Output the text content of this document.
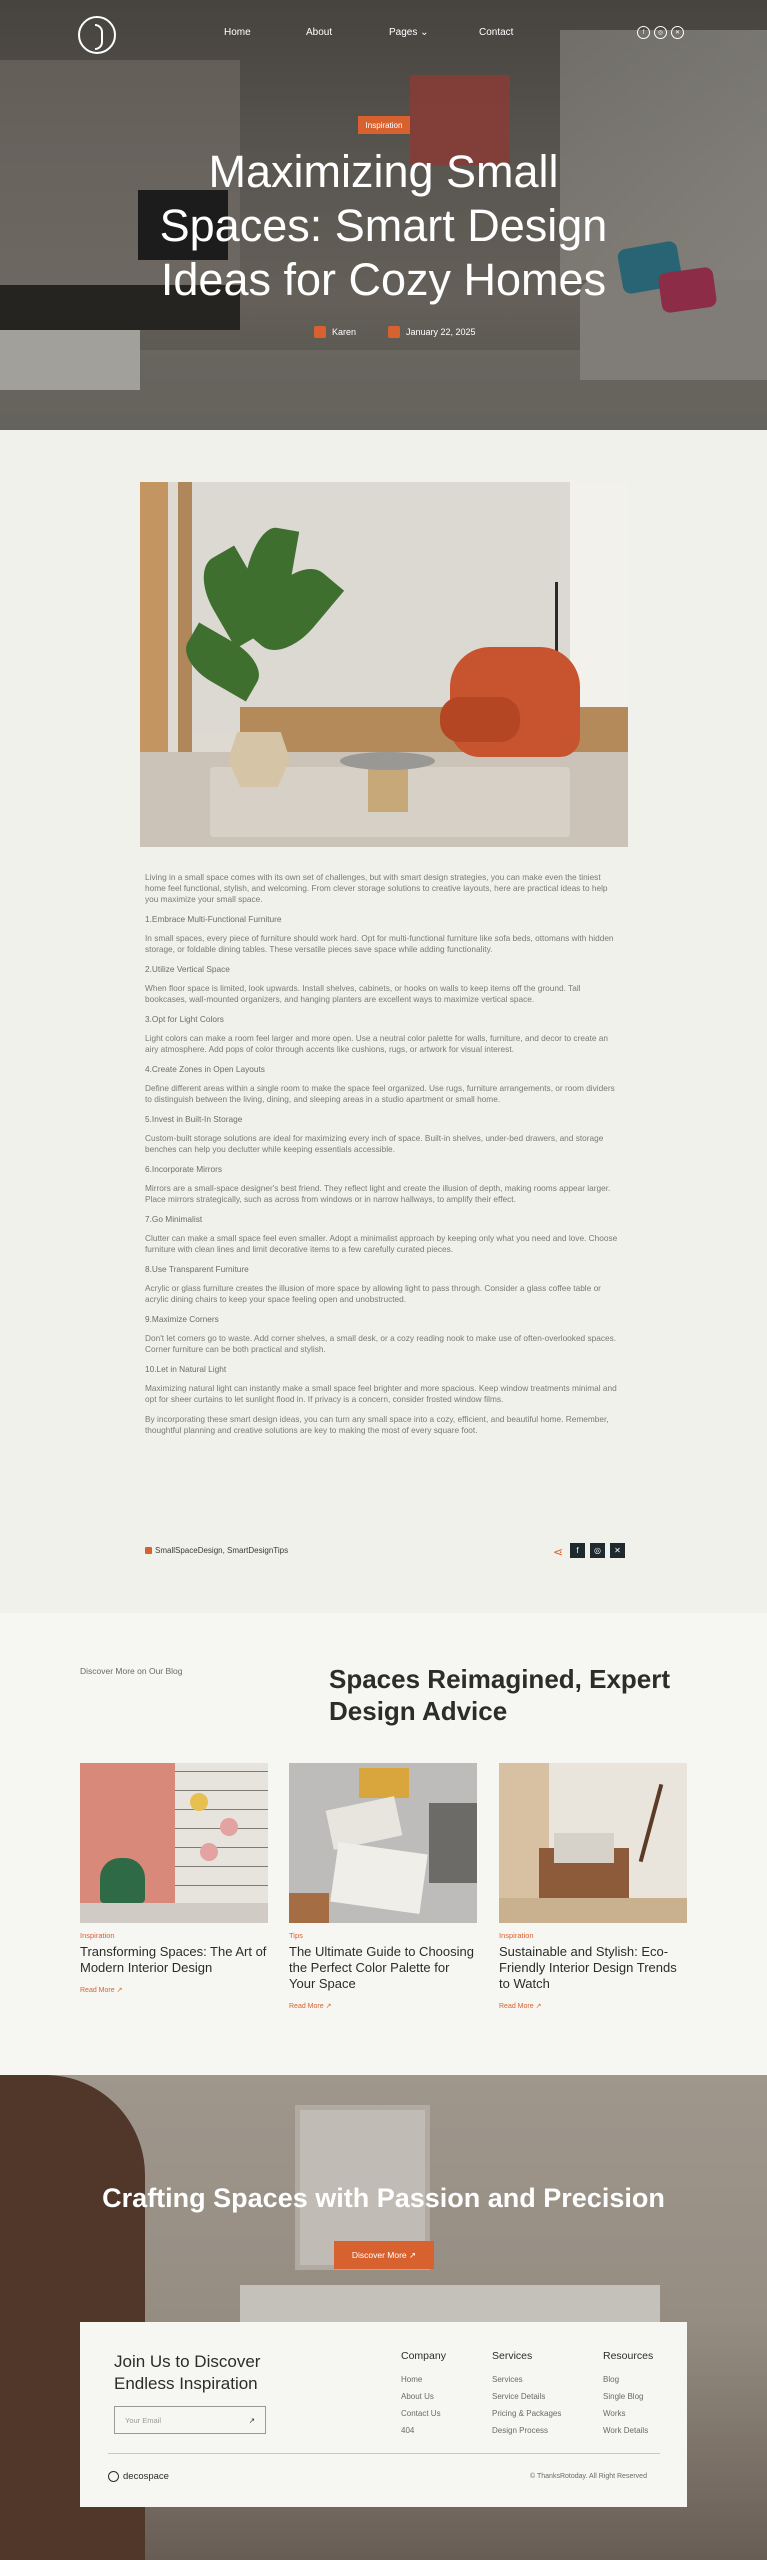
Home	About	Pages ⌄	Contact	f	◎	✕
Inspiration
Maximizing Small Spaces: Smart Design Ideas for Cozy Homes
Karen	January 22, 2025

Living in a small space comes with its own set of challenges, but with smart design strategies, you can make even the tiniest home feel functional, stylish, and welcoming. From clever storage solutions to creative layouts, here are practical ideas to help you maximize your small space.

1.Embrace Multi-Functional Furniture

In small spaces, every piece of furniture should work hard. Opt for multi-functional furniture like sofa beds, ottomans with hidden storage, or foldable dining tables. These versatile pieces save space while adding functionality.

2.Utilize Vertical Space

When floor space is limited, look upwards. Install shelves, cabinets, or hooks on walls to keep items off the ground. Tall bookcases, wall-mounted organizers, and hanging planters are excellent ways to maximize vertical space.

3.Opt for Light Colors

Light colors can make a room feel larger and more open. Use a neutral color palette for walls, furniture, and decor to create an airy atmosphere. Add pops of color through accents like cushions, rugs, or artwork for visual interest.

4.Create Zones in Open Layouts

Define different areas within a single room to make the space feel organized. Use rugs, furniture arrangements, or room dividers to distinguish between the living, dining, and sleeping areas in a studio apartment or small home.

5.Invest in Built-In Storage

Custom-built storage solutions are ideal for maximizing every inch of space. Built-in shelves, under-bed drawers, and storage benches can help you declutter while keeping essentials accessible.

6.Incorporate Mirrors

Mirrors are a small-space designer's best friend. They reflect light and create the illusion of depth, making rooms appear larger. Place mirrors strategically, such as across from windows or in narrow hallways, to amplify their effect.

7.Go Minimalist

Clutter can make a small space feel even smaller. Adopt a minimalist approach by keeping only what you need and love. Choose furniture with clean lines and limit decorative items to a few carefully curated pieces.

8.Use Transparent Furniture

Acrylic or glass furniture creates the illusion of more space by allowing light to pass through. Consider a glass coffee table or acrylic dining chairs to keep your space feeling open and unobstructed.

9.Maximize Corners

Don't let corners go to waste. Add corner shelves, a small desk, or a cozy reading nook to make use of often-overlooked spaces. Corner furniture can be both practical and stylish.

10.Let in Natural Light

Maximizing natural light can instantly make a small space feel brighter and more spacious. Keep window treatments minimal and opt for sheer curtains to let sunlight flood in. If privacy is a concern, consider frosted window films.

By incorporating these smart design ideas, you can turn any small space into a cozy, efficient, and beautiful home. Remember, thoughtful planning and creative solutions are key to making the most of every square foot.

SmallSpaceDesign, SmartDesignTips	⋖	f	◎	✕
Discover More on Our Blog	Spaces Reimagined, Expert Design Advice
Inspiration
Transforming Spaces: The Art of Modern Interior Design
Read More ↗
Tips
The Ultimate Guide to Choosing the Perfect Color Palette for Your Space
Read More ↗
Inspiration
Sustainable and Stylish: Eco-Friendly Interior Design Trends to Watch
Read More ↗
Crafting Spaces with Passion and Precision
Discover More
↗
Join Us to Discover Endless Inspiration
Your Email	↗
Company
Home
About Us
Contact Us
404
Services
Services
Service Details
Pricing & Packages
Design Process
Resources
Blog
Single Blog
Works
Work Details
decospace	© ThanksRotoday. All Right Reserved
